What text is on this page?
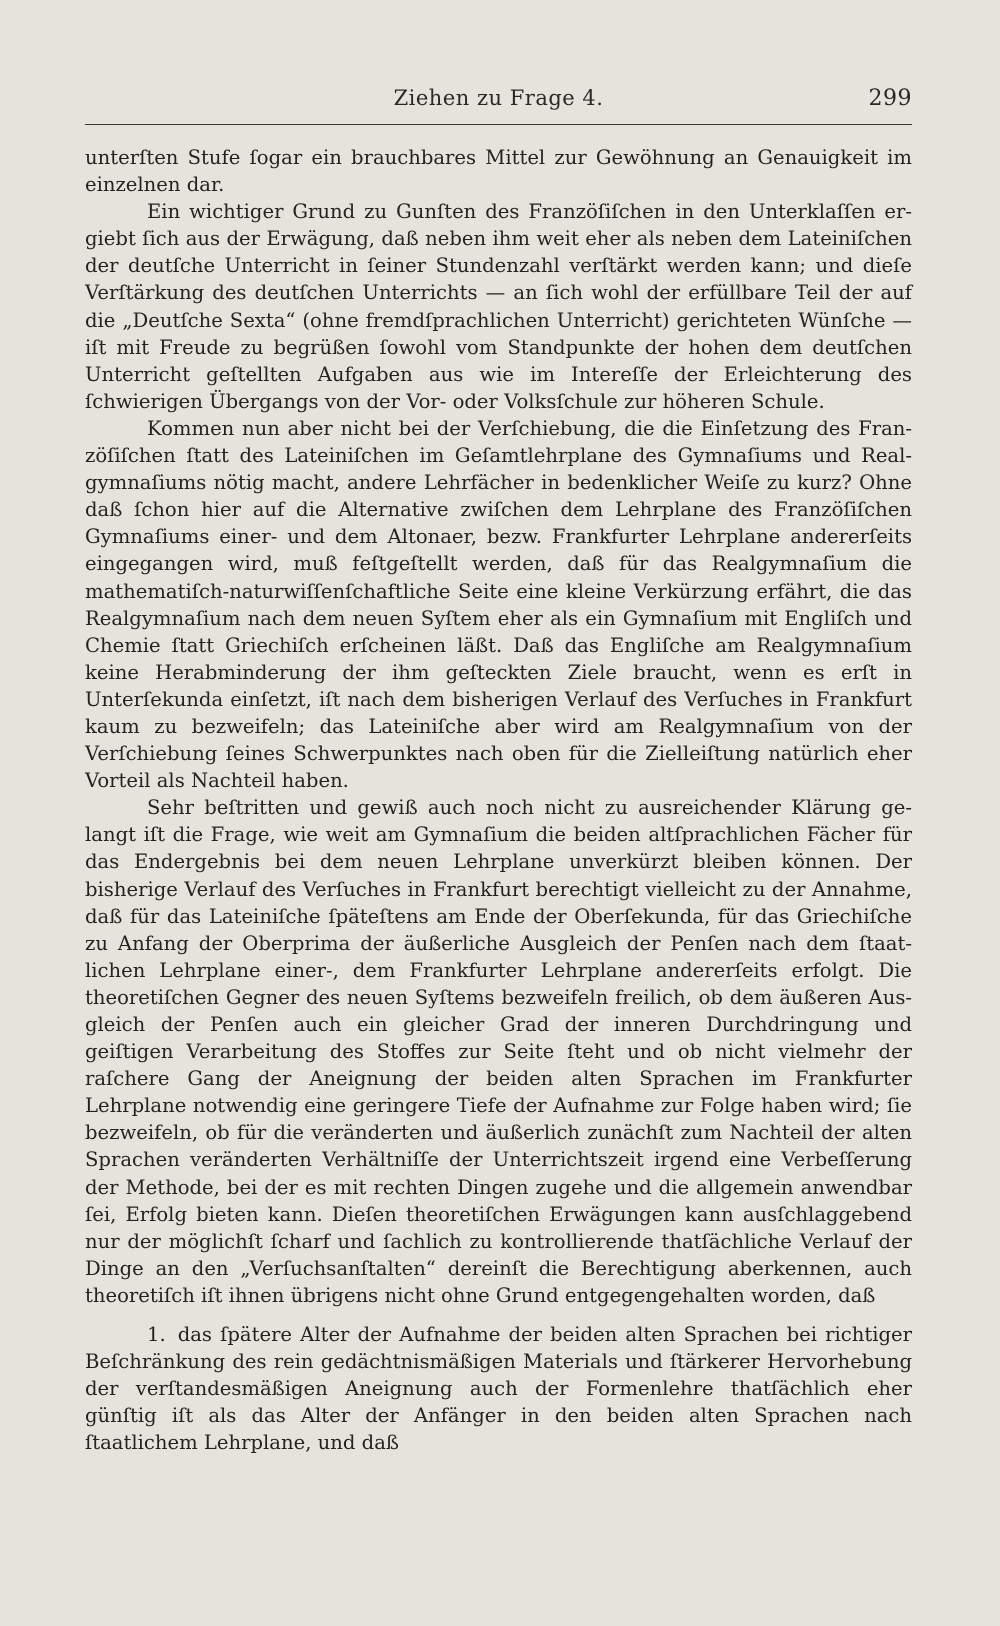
Ziehen zu Frage 4.	299

unterſten Stufe ſogar ein brauchbares Mittel zur Gewöhnung an Genauigkeit im einzelnen dar.

Ein wichtiger Grund zu Gunſten des Franzöſiſchen in den Unterklaſſen ergiebt ſich aus der Erwägung, daß neben ihm weit eher als neben dem Lateiniſchen der deutſche Unterricht in ſeiner Stundenzahl verſtärkt werden kann; und dieſe Verſtärkung des deutſchen Unterrichts — an ſich wohl der erfüllbare Teil der auf die „Deutſche Sexta“ (ohne fremdſprachlichen Unterricht) gerichteten Wünſche — iſt mit Freude zu begrüßen ſowohl vom Standpunkte der hohen dem deutſchen Unterricht geſtellten Aufgaben aus wie im Intereſſe der Erleichterung des ſchwierigen Übergangs von der Vor- oder Volksſchule zur höheren Schule.

Kommen nun aber nicht bei der Verſchiebung, die die Einſetzung des Franzöſiſchen ſtatt des Lateiniſchen im Geſamtlehrplane des Gymnaſiums und Realgymnaſiums nötig macht, andere Lehrfächer in bedenklicher Weiſe zu kurz? Ohne daß ſchon hier auf die Alternative zwiſchen dem Lehrplane des Franzöſiſchen Gymnaſiums einer- und dem Altonaer, bezw. Frankfurter Lehrplane andererſeits eingegangen wird, muß feſtgeſtellt werden, daß für das Realgymnaſium die mathematiſch-naturwiſſenſchaftliche Seite eine kleine Verkürzung erfährt, die das Realgymnaſium nach dem neuen Syſtem eher als ein Gymnaſium mit Engliſch und Chemie ſtatt Griechiſch erſcheinen läßt. Daß das Engliſche am Realgymnaſium keine Herabminderung der ihm geſteckten Ziele braucht, wenn es erſt in Unterſekunda einſetzt, iſt nach dem bisherigen Verlauf des Verſuches in Frankfurt kaum zu bezweifeln; das Lateiniſche aber wird am Realgymnaſium von der Verſchiebung ſeines Schwerpunktes nach oben für die Zielleiſtung natürlich eher Vorteil als Nachteil haben.

Sehr beſtritten und gewiß auch noch nicht zu ausreichender Klärung gelangt iſt die Frage, wie weit am Gymnaſium die beiden altſprachlichen Fächer für das Endergebnis bei dem neuen Lehrplane unverkürzt bleiben können. Der bisherige Verlauf des Verſuches in Frankfurt berechtigt vielleicht zu der Annahme, daß für das Lateiniſche ſpäteſtens am Ende der Oberſekunda, für das Griechiſche zu Anfang der Oberprima der äußerliche Ausgleich der Penſen nach dem ſtaatlichen Lehrplane einer-, dem Frankfurter Lehrplane andererſeits erfolgt. Die theoretiſchen Gegner des neuen Syſtems bezweifeln freilich, ob dem äußeren Ausgleich der Penſen auch ein gleicher Grad der inneren Durchdringung und geiſtigen Verarbeitung des Stoffes zur Seite ſteht und ob nicht vielmehr der raſchere Gang der Aneignung der beiden alten Sprachen im Frankfurter Lehrplane notwendig eine geringere Tiefe der Aufnahme zur Folge haben wird; ſie bezweifeln, ob für die veränderten und äußerlich zunächſt zum Nachteil der alten Sprachen veränderten Verhältniſſe der Unterrichtszeit irgend eine Verbeſſerung der Methode, bei der es mit rechten Dingen zugehe und die allgemein anwendbar ſei, Erfolg bieten kann. Dieſen theoretiſchen Erwägungen kann ausſchlaggebend nur der möglichſt ſcharf und ſachlich zu kontrollierende thatſächliche Verlauf der Dinge an den „Verſuchsanſtalten“ dereinſt die Berechtigung aberkennen, auch theoretiſch iſt ihnen übrigens nicht ohne Grund entgegengehalten worden, daß

1. das ſpätere Alter der Aufnahme der beiden alten Sprachen bei richtiger Beſchränkung des rein gedächtnismäßigen Materials und ſtärkerer Hervorhebung der verſtandesmäßigen Aneignung auch der Formenlehre thatſächlich eher günſtig iſt als das Alter der Anfänger in den beiden alten Sprachen nach ſtaatlichem Lehrplane, und daß
